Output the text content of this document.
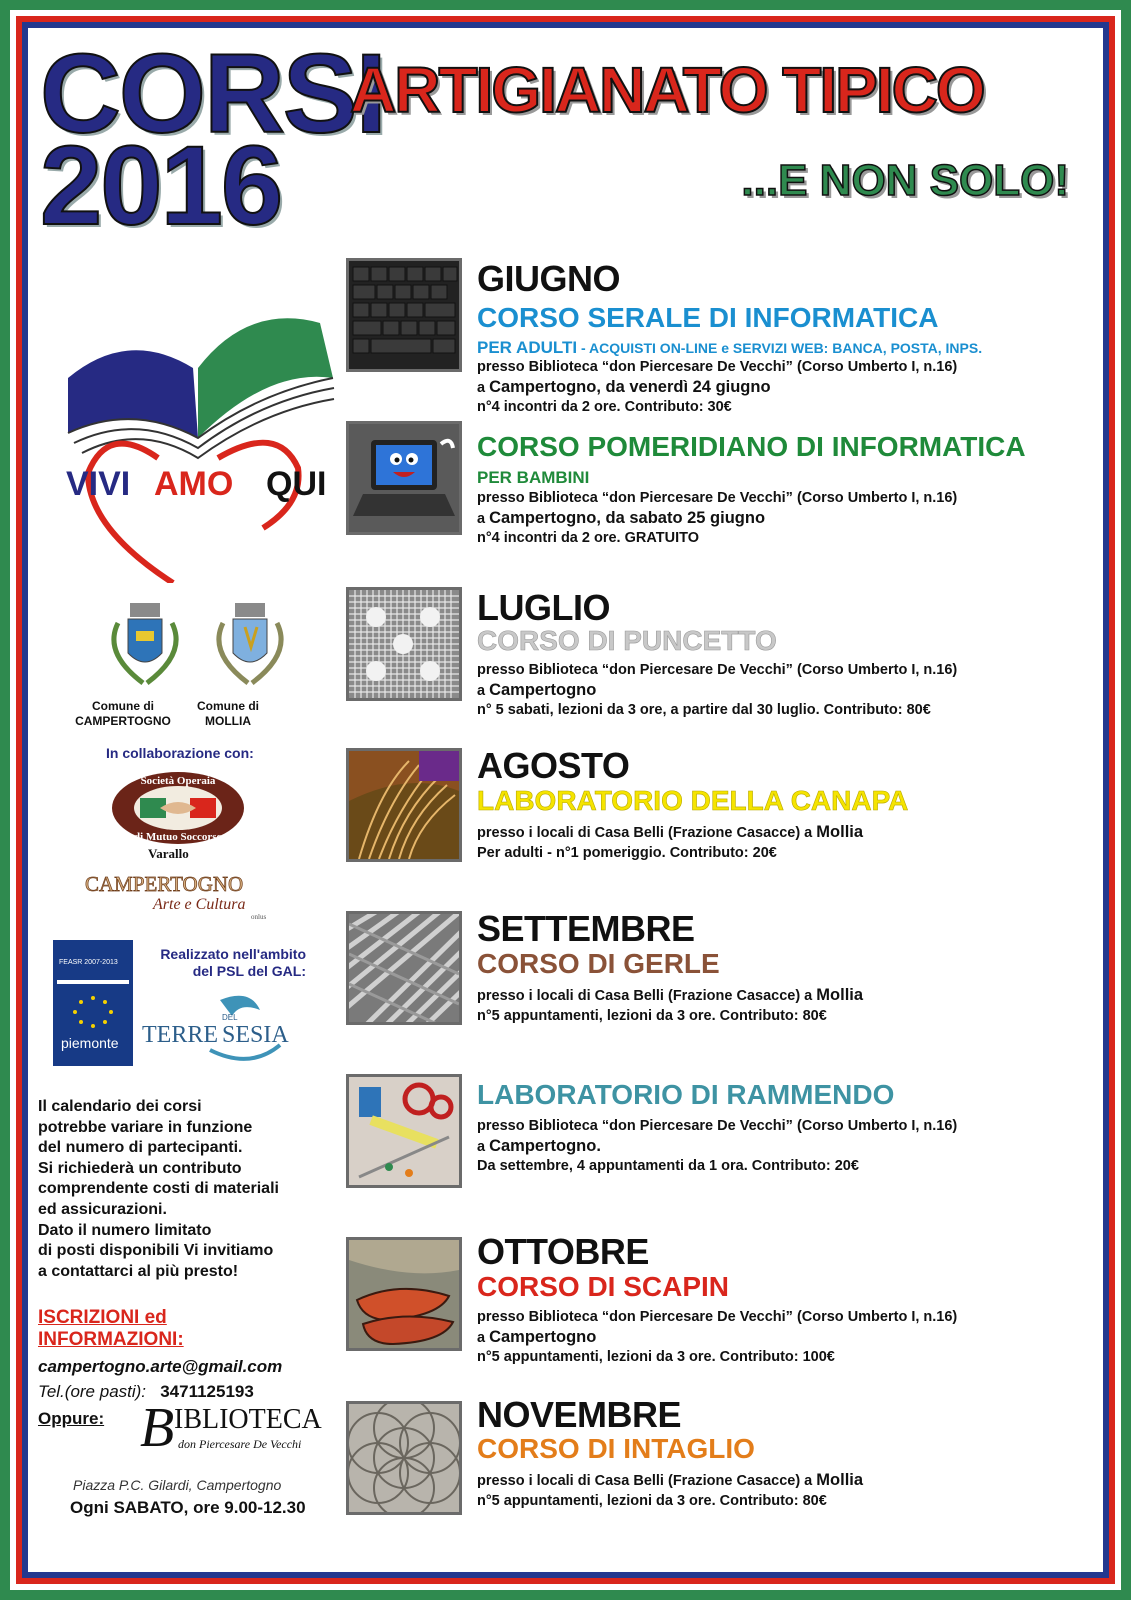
CORSI
2016
ARTIGIANATO TIPICO
...E NON SOLO!
VIVI AMO QUI
Comune di
CAMPERTOGNO
Comune di
MOLLIA
In collaborazione con:
Società Operaia
di Mutuo Soccorso
Varallo
CAMPERTOGNO
Arte e Cultura
onlus
FEASR 2007-2013
piemonte
Realizzato nell'ambito
del PSL del GAL:
TERRE
DEL
SESIA
Il calendario dei corsi
potrebbe variare in funzione
del numero di partecipanti.
Si richiederà un contributo
comprendente costi di materiali
ed assicurazioni.
Dato il numero limitato
di posti disponibili Vi invitiamo
a contattarci al più presto!
ISCRIZIONI ed
INFORMAZIONI:
campertogno.arte@gmail.com
Tel.(ore pasti): 3471125193
Oppure: B IBLIOTECA
don Piercesare De Vecchi
Piazza P.C. Gilardi, Campertogno
Ogni SABATO, ore 9.00-12.30
GIUGNO
CORSO SERALE DI INFORMATICA
PER ADULTI - ACQUISTI ON-LINE e SERVIZI WEB: BANCA, POSTA, INPS.
presso Biblioteca “don Piercesare De Vecchi” (Corso Umberto I, n.16)
a Campertogno, da venerdì 24 giugno
n°4 incontri da 2 ore. Contributo: 30€
CORSO POMERIDIANO DI INFORMATICA
PER BAMBINI
presso Biblioteca “don Piercesare De Vecchi” (Corso Umberto I, n.16)
a Campertogno, da sabato 25 giugno
n°4 incontri da 2 ore. GRATUITO
LUGLIO
CORSO DI PUNCETTO
presso Biblioteca “don Piercesare De Vecchi” (Corso Umberto I, n.16)
a Campertogno
n° 5 sabati, lezioni da 3 ore, a partire dal 30 luglio. Contributo: 80€
AGOSTO
LABORATORIO DELLA CANAPA
presso i locali di Casa Belli (Frazione Casacce) a Mollia
Per adulti - n°1 pomeriggio. Contributo: 20€
SETTEMBRE
CORSO DI GERLE
presso i locali di Casa Belli (Frazione Casacce) a Mollia
n°5 appuntamenti, lezioni da 3 ore. Contributo: 80€
LABORATORIO DI RAMMENDO
presso Biblioteca “don Piercesare De Vecchi” (Corso Umberto I, n.16)
a Campertogno.
Da settembre, 4 appuntamenti da 1 ora. Contributo: 20€
OTTOBRE
CORSO DI SCAPIN
presso Biblioteca “don Piercesare De Vecchi” (Corso Umberto I, n.16)
a Campertogno
n°5 appuntamenti, lezioni da 3 ore. Contributo: 100€
NOVEMBRE
CORSO DI INTAGLIO
presso i locali di Casa Belli (Frazione Casacce) a Mollia
n°5 appuntamenti, lezioni da 3 ore. Contributo: 80€
